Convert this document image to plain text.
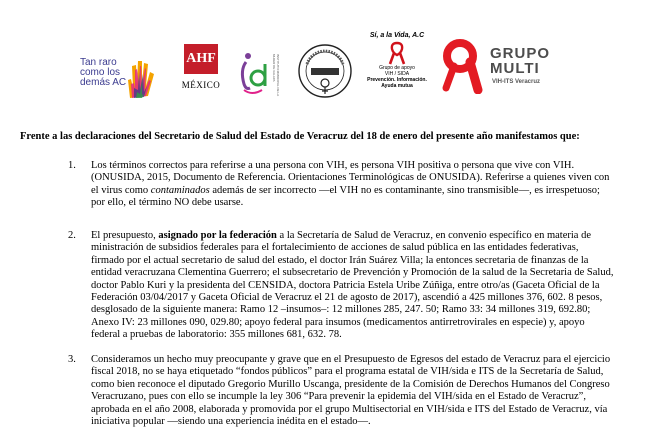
Tan raro
como los
demás AC
AHF
MÉXICO	INSTITUTO MUNICIPAL DE LA MUJER DE XALAPA
Sí, a la Vida, A.C
Grupo de apoyo
VIH / SIDA
Prevención. Información.
Ayuda mutua
GRUPO
MULTI
VIH-ITS Veracruz
Frente a las declaraciones del Secretario de Salud del Estado de Veracruz del 18 de enero del presente año manifestamos que:
1. Los términos correctos para referirse a una persona con VIH, es persona VIH positiva o persona que vive con VIH.
(ONUSIDA, 2015, Documento de Referencia. Orientaciones Terminológicas de ONUSIDA). Referirse a quienes viven con
el virus como contaminados además de ser incorrecto —el VIH no es contaminante, sino transmisible—, es irrespetuoso;
por ello, el término NO debe usarse.
2. El presupuesto, asignado por la federación a la Secretaría de Salud de Veracruz, en convenio específico en materia de
ministración de subsidios federales para el fortalecimiento de acciones de salud pública en las entidades federativas,
firmado por el actual secretario de salud del estado, el doctor Irán Suárez Villa; la entonces secretaria de finanzas de la
entidad veracruzana Clementina Guerrero; el subsecretario de Prevención y Promoción de la salud de la Secretaria de Salud,
doctor Pablo Kuri y la presidenta del CENSIDA, doctora Patricia Estela Uribe Zúñiga, entre otro/as (Gaceta Oficial de la
Federación 03/04/2017 y Gaceta Oficial de Veracruz el 21 de agosto de 2017), ascendió a 425 millones 376, 602. 8 pesos,
desglosado de la siguiente manera: Ramo 12 –insumos–: 12 millones 285, 247. 50; Ramo 33: 34 millones 319, 692.80;
Anexo IV: 23 millones 090, 029.80; apoyo federal para insumos (medicamentos antirretrovirales en especie) y, apoyo
federal a pruebas de laboratorio: 355 millones 681, 632. 78.
3. Consideramos un hecho muy preocupante y grave que en el Presupuesto de Egresos del estado de Veracruz para el ejercicio
fiscal 2018, no se haya etiquetado “fondos públicos” para el programa estatal de VIH/sida e ITS de la Secretaría de Salud,
como bien reconoce el diputado Gregorio Murillo Uscanga, presidente de la Comisión de Derechos Humanos del Congreso
Veracruzano, pues con ello se incumple la ley 306 “Para prevenir la epidemia del VIH/sida en el Estado de Veracruz”,
aprobada en el año 2008, elaborada y promovida por el grupo Multisectorial en VIH/sida e ITS del Estado de Veracruz, vía
iniciativa popular —siendo una experiencia inédita en el estado—.
